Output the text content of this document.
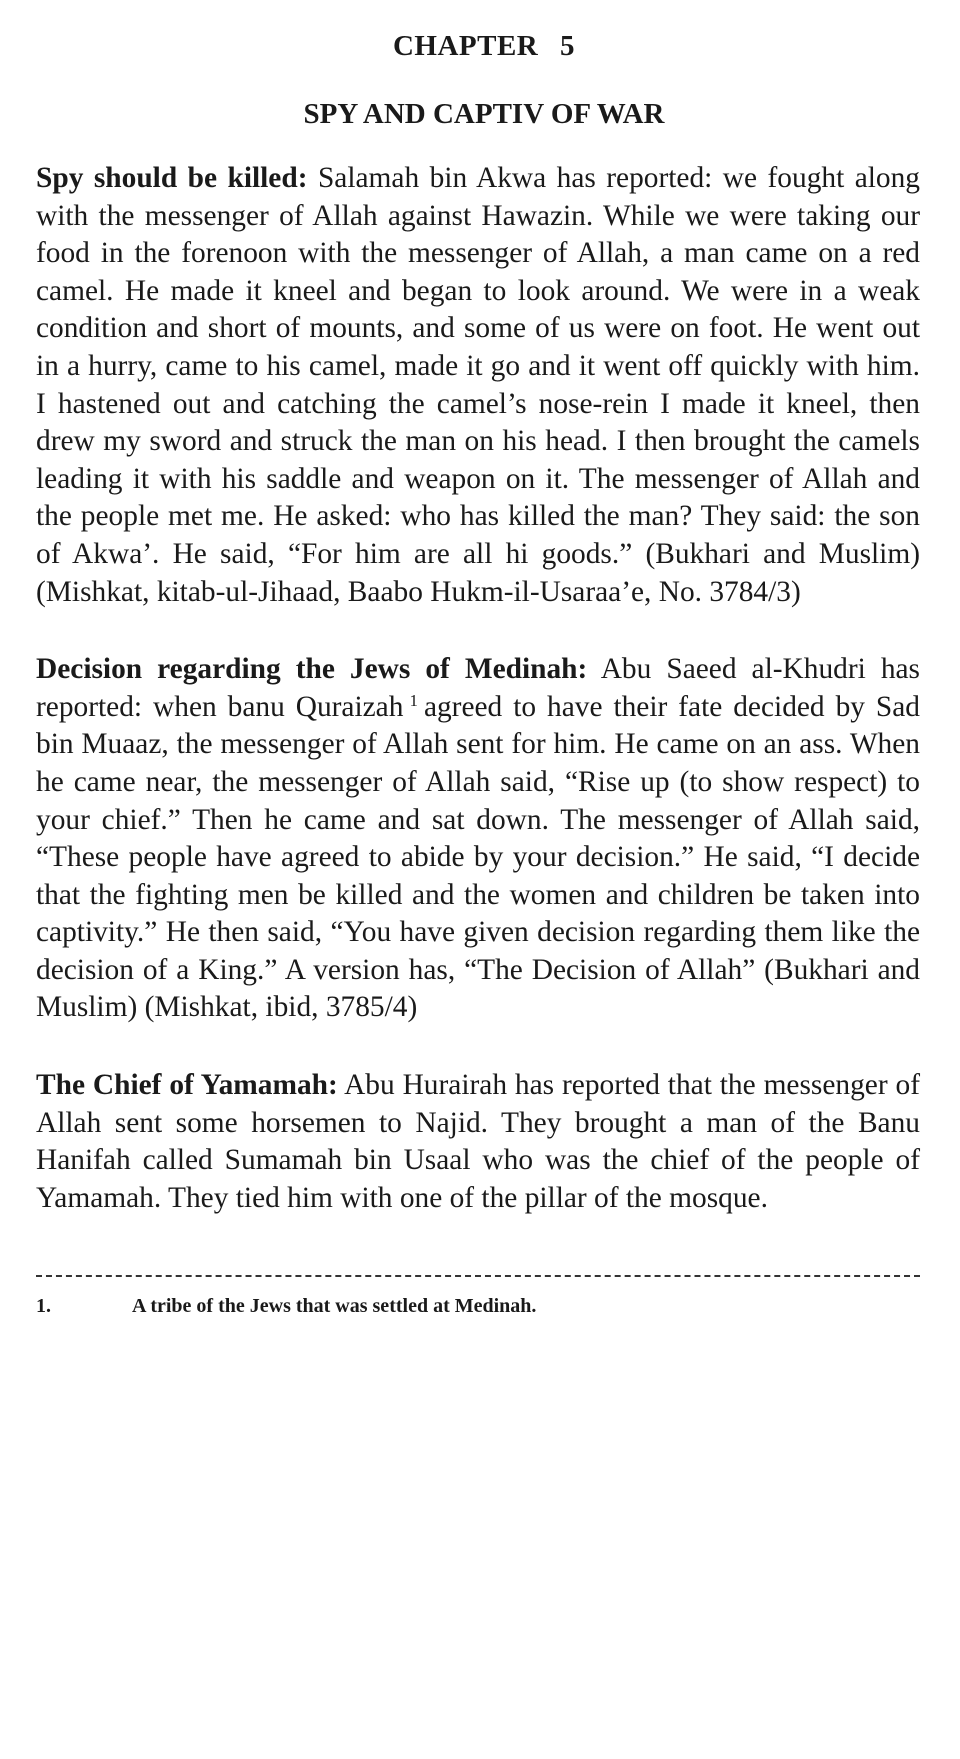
CHAPTER 5
SPY AND CAPTIV OF WAR

Spy should be killed: Salamah bin Akwa has reported: we fought along with the messenger of Allah against Hawazin. While we were taking our food in the forenoon with the messenger of Allah, a man came on a red camel. He made it kneel and began to look around. We were in a weak condition and short of mounts, and some of us were on foot. He went out in a hurry, came to his camel, made it go and it went off quickly with him. I hastened out and catching the camel’s nose-rein I made it kneel, then drew my sword and struck the man on his head. I then brought the camels leading it with his saddle and weapon on it. The messenger of Allah and the people met me. He asked: who has killed the man? They said: the son of Akwa’. He said, “For him are all hi goods.” (Bukhari and Muslim) (Mishkat, kitab-ul-Jihaad, Baabo Hukm-il-Usaraa’e, No. 3784/3)

Decision regarding the Jews of Medinah: Abu Saeed al-Khudri has reported: when banu Quraizah $^1$ agreed to have their fate decided by Sad bin Muaaz, the messenger of Allah sent for him. He came on an ass. When he came near, the messenger of Allah said, “Rise up (to show respect) to your chief.” Then he came and sat down. The messenger of Allah said, “These people have agreed to abide by your decision.” He said, “I decide that the fighting men be killed and the women and children be taken into captivity.” He then said, “You have given decision regarding them like the decision of a King.” A version has, “The Decision of Allah” (Bukhari and Muslim) (Mishkat, ibid, 3785/4)

The Chief of Yamamah: Abu Hurairah has reported that the messenger of Allah sent some horsemen to Najid. They brought a man of the Banu Hanifah called Sumamah bin Usaal who was the chief of the people of Yamamah. They tied him with one of the pillar of the mosque.

1.	A tribe of the Jews that was settled at Medinah.
